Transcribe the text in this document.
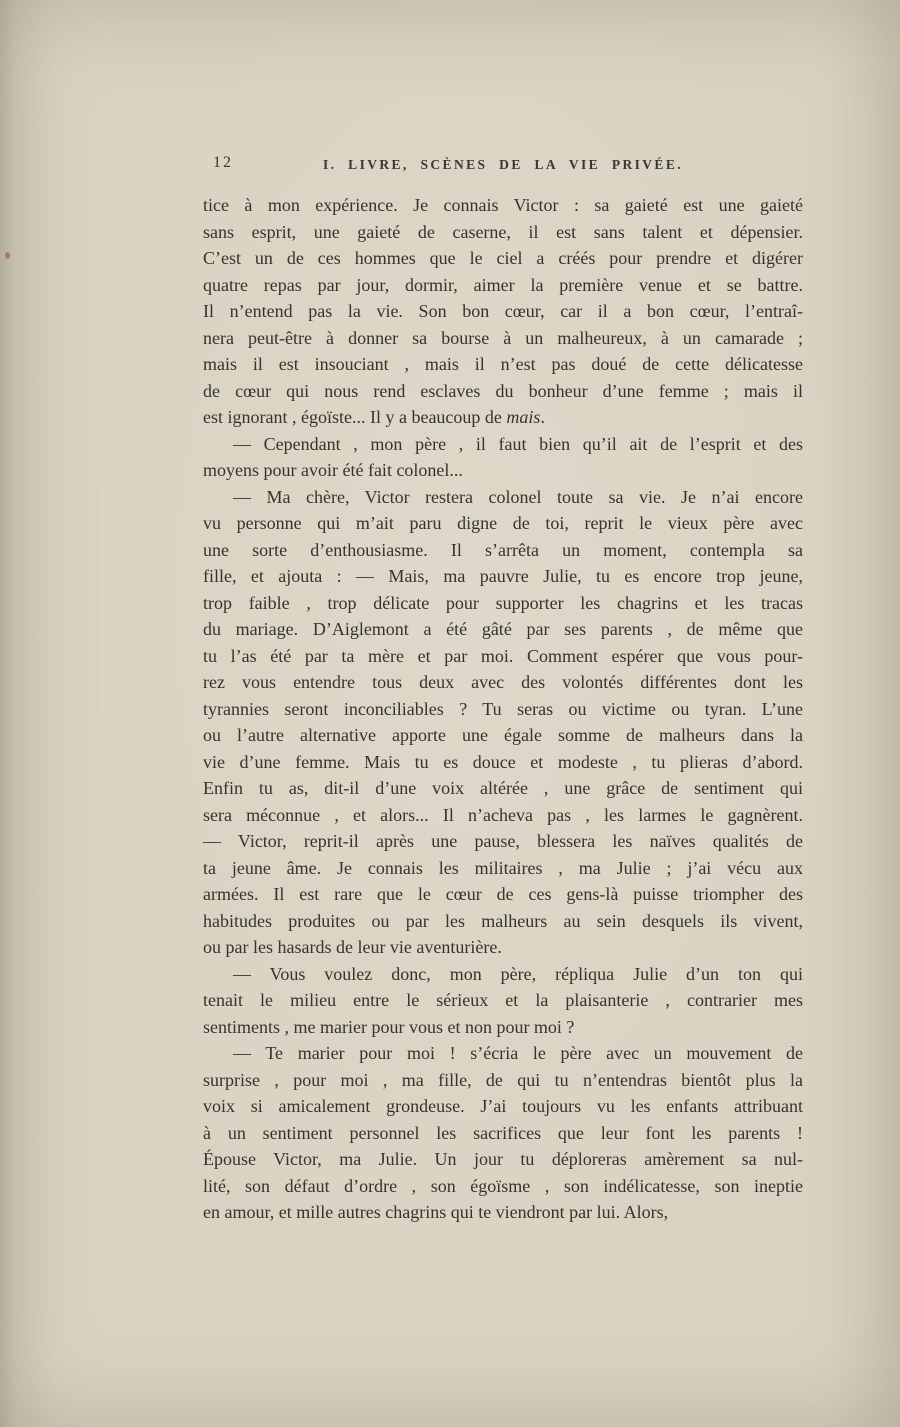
12	I. LIVRE, SCÈNES DE LA VIE PRIVÉE.
tice à mon expérience. Je connais Victor : sa gaieté est une gaieté
sans esprit, une gaieté de caserne, il est sans talent et dépensier.
C’est un de ces hommes que le ciel a créés pour prendre et digérer
quatre repas par jour, dormir, aimer la première venue et se battre.
Il n’entend pas la vie. Son bon cœur, car il a bon cœur, l’entraî-
nera peut-être à donner sa bourse à un malheureux, à un camarade ;
mais il est insouciant , mais il n’est pas doué de cette délicatesse
de cœur qui nous rend esclaves du bonheur d’une femme ; mais il
est ignorant , égoïste... Il y a beaucoup de mais.
— Cependant , mon père , il faut bien qu’il ait de l’esprit et des
moyens pour avoir été fait colonel...
— Ma chère, Victor restera colonel toute sa vie. Je n’ai encore
vu personne qui m’ait paru digne de toi, reprit le vieux père avec
une sorte d’enthousiasme. Il s’arrêta un moment, contempla sa
fille, et ajouta : — Mais, ma pauvre Julie, tu es encore trop jeune,
trop faible , trop délicate pour supporter les chagrins et les tracas
du mariage. D’Aiglemont a été gâté par ses parents , de même que
tu l’as été par ta mère et par moi. Comment espérer que vous pour-
rez vous entendre tous deux avec des volontés différentes dont les
tyrannies seront inconciliables ? Tu seras ou victime ou tyran. L’une
ou l’autre alternative apporte une égale somme de malheurs dans la
vie d’une femme. Mais tu es douce et modeste , tu plieras d’abord.
Enfin tu as, dit-il d’une voix altérée , une grâce de sentiment qui
sera méconnue , et alors... Il n’acheva pas , les larmes le gagnèrent.
— Victor, reprit-il après une pause, blessera les naïves qualités de
ta jeune âme. Je connais les militaires , ma Julie ; j’ai vécu aux
armées. Il est rare que le cœur de ces gens-là puisse triompher des
habitudes produites ou par les malheurs au sein desquels ils vivent,
ou par les hasards de leur vie aventurière.
— Vous voulez donc, mon père, répliqua Julie d’un ton qui
tenait le milieu entre le sérieux et la plaisanterie , contrarier mes
sentiments , me marier pour vous et non pour moi ?
— Te marier pour moi ! s’écria le père avec un mouvement de
surprise , pour moi , ma fille, de qui tu n’entendras bientôt plus la
voix si amicalement grondeuse. J’ai toujours vu les enfants attribuant
à un sentiment personnel les sacrifices que leur font les parents !
Épouse Victor, ma Julie. Un jour tu déploreras amèrement sa nul-
lité, son défaut d’ordre , son égoïsme , son indélicatesse, son ineptie
en amour, et mille autres chagrins qui te viendront par lui. Alors,
